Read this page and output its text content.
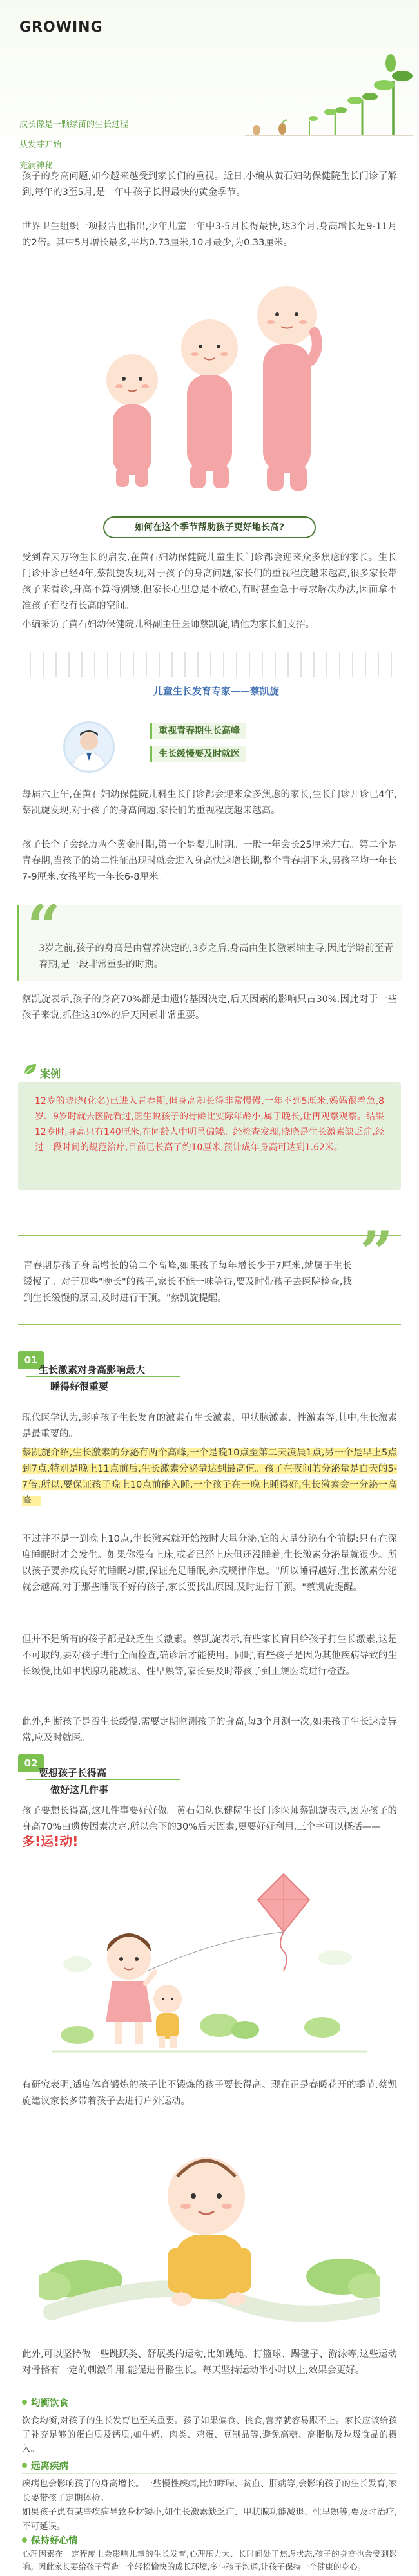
GROWING
成长像是一颗绿苗的生长过程
从发芽开始
充满神秘
孩子的身高问题,如今越来越受到家长们的重视。近日,小编从黄石妇幼保健院生长门诊了解到,每年的3至5月,是一年中孩子长得最快的黄金季节。
世界卫生组织一项报告也指出,少年儿童一年中3-5月长得最快,达3个月,身高增长是9-11月的2倍。其中5月增长最多,平均0.73厘米,10月最少,为0.33厘米。
如何在这个季节帮助孩子更好地长高?
受到春天万物生长的启发,在黄石妇幼保健院儿童生长门诊都会迎来众多焦虑的家长。生长门诊开诊已经4年,蔡凯旋发现,对于孩子的身高问题,家长们的重视程度越来越高,很多家长带孩子来看诊,身高不算特别矮,但家长心里总是不放心,有时甚至急于寻求解决办法,因而拿不准孩子有没有长高的空间。
小编采访了黄石妇幼保健院儿科副主任医师蔡凯旋,请他为家长们支招。
儿童生长发育专家——蔡凯旋
重视青春期生长高峰
生长缓慢要及时就医
每届六上午,在黄石妇幼保健院儿科生长门诊都会迎来众多焦虑的家长,生长门诊开诊已4年,蔡凯旋发现,对于孩子的身高问题,家长们的重视程度越来越高。
孩子长个子会经历两个黄金时期,第一个是婴儿时期。一般一年会长25厘米左右。第二个是青春期,当孩子的第二性征出现时就会进入身高快速增长期,整个青春期下来,男孩平均一年长7-9厘米,女孩平均一年长6-8厘米。
“
3岁之前,孩子的身高是由营养决定的,3岁之后,身高由生长激素轴主导,因此学龄前至青春期,是一段非常重要的时期。
蔡凯旋表示,孩子的身高70%都是由遗传基因决定,后天因素的影响只占30%,因此对于一些孩子来说,抓住这30%的后天因素非常重要。
案例
12岁的晓晓(化名)已进入青春期,但身高却长得非常慢慢,一年不到5厘米,妈妈很着急,8岁、9岁时就去医院看过,医生说孩子的骨龄比实际年龄小,属于晚长,让再观察观察。结果12岁时,身高只有140厘米,在同龄人中明显偏矮。经检查发现,晓晓是生长激素缺乏症,经过一段时间的规范治疗,目前已长高了约10厘米,预计成年身高可达到1.62米。
”
青春期是孩子身高增长的第二个高峰,如果孩子每年增长少于7厘米,就属于生长缓慢了。对于那些"晚长"的孩子,家长不能一味等待,要及时带孩子去医院检查,找到生长缓慢的原因,及时进行干预。"蔡凯旋提醒。
01
生长激素对身高影响最大
睡得好很重要
现代医学认为,影响孩子生长发育的激素有生长激素、甲状腺激素、性激素等,其中,生长激素是最重要的。
蔡凯旋介绍,生长激素的分泌有两个高峰,一个是晚10点至第二天凌晨1点,另一个是早上5点到7点,特别是晚上11点前后,生长激素分泌量达到最高值。孩子在夜间的分泌量是白天的5-7倍,所以,要保证孩子晚上10点前能入睡,一个孩子在一晚上睡得好,生长激素会一分泌一高峰。
不过并不是一到晚上10点,生长激素就开始按时大量分泌,它的大量分泌有个前提:只有在深度睡眠时才会发生。如果你没有上床,或者已经上床但还没睡着,生长激素分泌量就很少。所以孩子要养成良好的睡眠习惯,保证充足睡眠,养成规律作息。"所以睡得越好,生长激素分泌就会越高,对于那些睡眠不好的孩子,家长要找出原因,及时进行干预。"蔡凯旋提醒。
但并不是所有的孩子都是缺乏生长激素。蔡凯旋表示,有些家长盲目给孩子打生长激素,这是不可取的,要对孩子进行全面检查,确诊后才能使用。同时,有些孩子是因为其他疾病导致的生长缓慢,比如甲状腺功能减退、性早熟等,家长要及时带孩子到正规医院进行检查。
此外,判断孩子是否生长缓慢,需要定期监测孩子的身高,每3个月测一次,如果孩子生长速度异常,应及时就医。
02
要想孩子长得高
做好这几件事
孩子要想长得高,这几件事要好好做。黄石妇幼保健院生长门诊医师蔡凯旋表示,因为孩子的身高70%由遗传因素决定,所以余下的30%后天因素,更要好好利用,三个字可以概括——
多!运!动!
有研究表明,适度体育锻炼的孩子比不锻炼的孩子要长得高。现在正是春暖花开的季节,蔡凯旋建议家长多带着孩子去进行户外运动。
此外,可以坚持做一些跳跃类、舒展类的运动,比如跳绳、打篮球、踢毽子、游泳等,这些运动对骨骼有一定的刺激作用,能促进骨骼生长。每天坚持运动半小时以上,效果会更好。
均衡饮食
饮食均衡,对孩子的生长发育也至关重要。孩子如果偏食、挑食,营养就容易跟不上。家长应该给孩子补充足够的蛋白质及钙质,如牛奶、肉类、鸡蛋、豆制品等,避免高糖、高脂肪及垃圾食品的摄入。
远离疾病
疾病也会影响孩子的身高增长。一些慢性疾病,比如哮喘、贫血、肝病等,会影响孩子的生长发育,家长要带孩子定期体检。
如果孩子患有某些疾病导致身材矮小,如生长激素缺乏症、甲状腺功能减退、性早熟等,要及时治疗,不可延误。
保持好心情
心理因素在一定程度上会影响儿童的生长发育,心理压力大、长时间处于焦虑状态,孩子的身高也会受到影响。因此家长要给孩子营造一个轻松愉快的成长环境,多与孩子沟通,让孩子保持一个健康的身心。
